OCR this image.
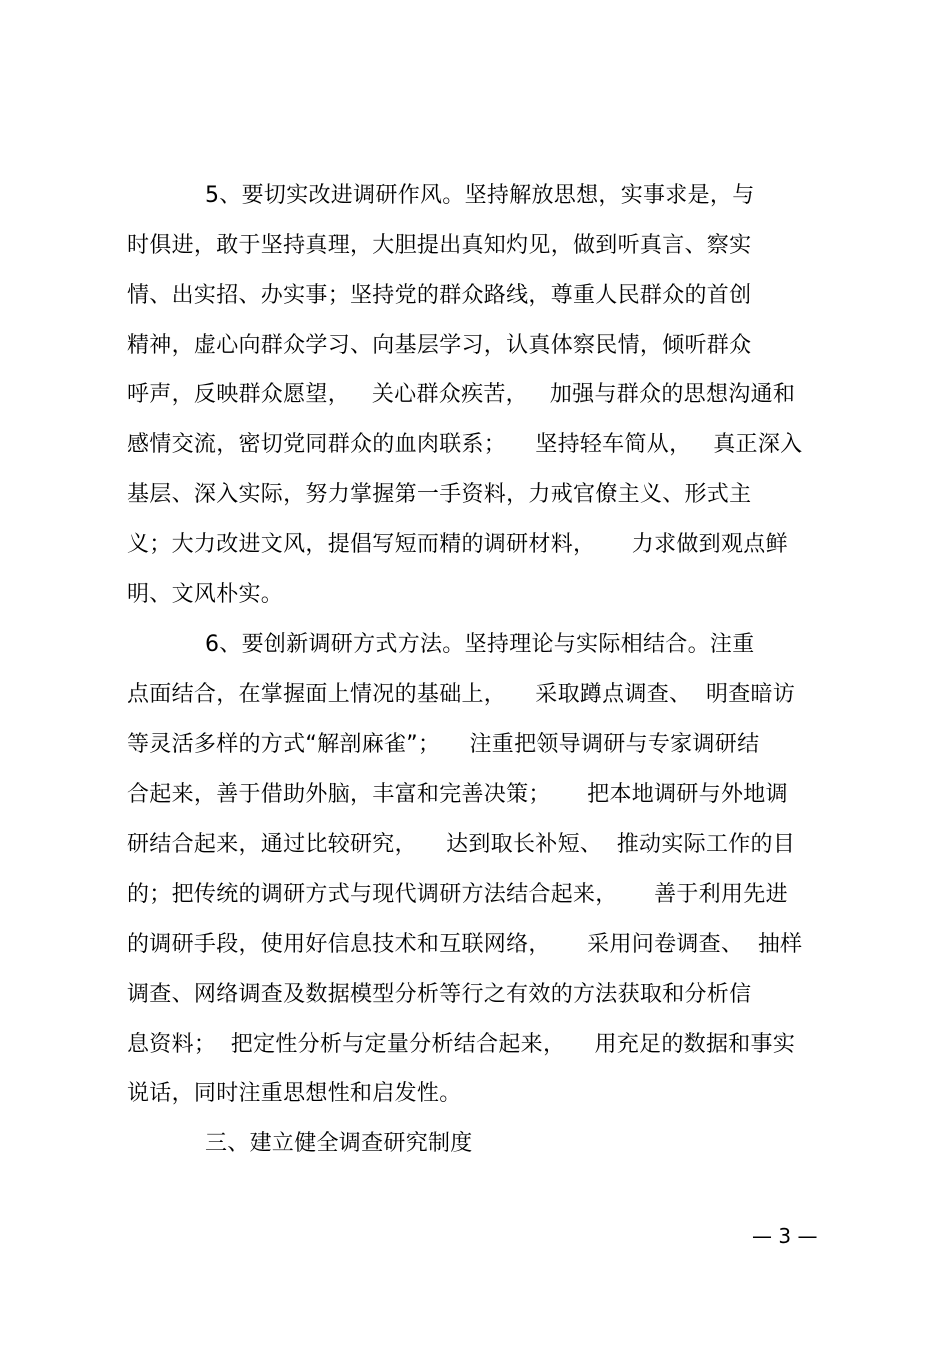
5、要切实改进调研作风。坚持解放思想，实事求是，与
时俱进，敢于坚持真理，大胆提出真知灼见，做到听真言、察实
情、出实招、办实事；坚持党的群众路线，尊重人民群众的首创
精神，虚心向群众学习、向基层学习，认真体察民情，倾听群众
呼声，反映群众愿望，   关心群众疾苦，   加强与群众的思想沟通和
感情交流，密切党同群众的血肉联系；    坚持轻车简从，   真正深入
基层、深入实际，努力掌握第一手资料，力戒官僚主义、形式主
义；大力改进文风，提倡写短而精的调研材料，     力求做到观点鲜
明、文风朴实。
6、要创新调研方式方法。坚持理论与实际相结合。注重
点面结合，在掌握面上情况的基础上，    采取蹲点调查、  明查暗访
等灵活多样的方式“解剖麻雀”；    注重把领导调研与专家调研结
合起来，善于借助外脑，丰富和完善决策；     把本地调研与外地调
研结合起来，通过比较研究，    达到取长补短、  推动实际工作的目
的；把传统的调研方式与现代调研方法结合起来，     善于利用先进
的调研手段，使用好信息技术和互联网络，     采用问卷调查、  抽样
调查、网络调查及数据模型分析等行之有效的方法获取和分析信
息资料；  把定性分析与定量分析结合起来，    用充足的数据和事实
说话，同时注重思想性和启发性。
三、建立健全调查研究制度
— 3 —
